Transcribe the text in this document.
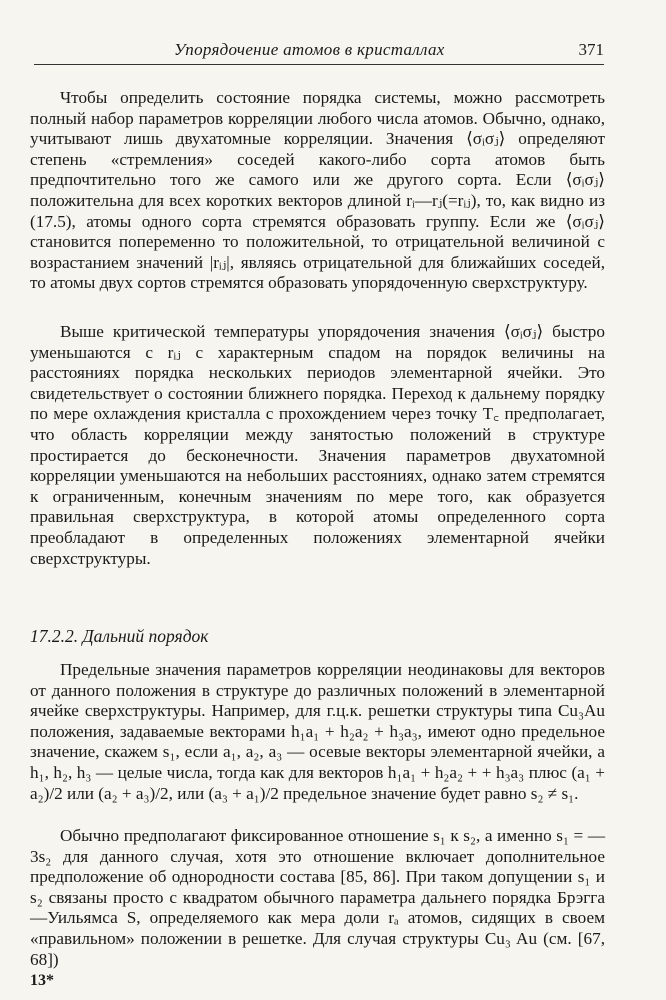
Упорядочение атомов в кристаллах	371

Чтобы определить состояние порядка системы, можно рассмотреть полный набор параметров корреляции любого числа атомов. Обычно, однако, учитывают лишь двухатомные корреляции. Значения ⟨σᵢσⱼ⟩ определяют степень «стремления» соседей какого-либо сорта атомов быть предпочтительно того же самого или же другого сорта. Если ⟨σᵢσⱼ⟩ положительна для всех коротких векторов длиной rᵢ—rⱼ(=rᵢⱼ), то, как видно из (17.5), атомы одного сорта стремятся образовать группу. Если же ⟨σᵢσⱼ⟩ становится попеременно то положительной, то отрицательной величиной с возрастанием значений |rᵢⱼ|, являясь отрицательной для ближайших соседей, то атомы двух сортов стремятся образовать упорядоченную сверхструктуру.

Выше критической температуры упорядочения значения ⟨σᵢσⱼ⟩ быстро уменьшаются с rᵢⱼ с характерным спадом на порядок величины на расстояниях порядка нескольких периодов элементарной ячейки. Это свидетельствует о состоянии ближнего порядка. Переход к дальнему порядку по мере охлаждения кристалла с прохождением через точку T꜀ предполагает, что область корреляции между занятостью положений в структуре простирается до бесконечности. Значения параметров двухатомной корреляции уменьшаются на небольших расстояниях, однако затем стремятся к ограниченным, конечным значениям по мере того, как образуется правильная сверхструктура, в которой атомы определенного сорта преобладают в определенных положениях элементарной ячейки сверхструктуры.

17.2.2. Дальний порядок

Предельные значения параметров корреляции неодинаковы для векторов от данного положения в структуре до различных положений в элементарной ячейке сверхструктуры. Например, для г.ц.к. решетки структуры типа Cu₃Au положения, задаваемые векторами h₁a₁ + h₂a₂ + h₃a₃, имеют одно предельное значение, скажем s₁, если a₁, a₂, a₃ — осевые векторы элементарной ячейки, а h₁, h₂, h₃ — целые числа, тогда как для векторов h₁a₁ + h₂a₂ + + h₃a₃ плюс (a₁ + a₂)/2 или (a₂ + a₃)/2, или (a₃ + a₁)/2 предельное значение будет равно s₂ ≠ s₁.

Обычно предполагают фиксированное отношение s₁ к s₂, а именно s₁ = —3s₂ для данного случая, хотя это отношение включает дополнительное предположение об однородности состава [85, 86]. При таком допущении s₁ и s₂ связаны просто с квадратом обычного параметра дальнего порядка Брэгга—Уильямса S, определяемого как мера доли rₐ атомов, сидящих в своем «правильном» положении в решетке. Для случая структуры Cu₃ Au (см. [67, 68])

13*
